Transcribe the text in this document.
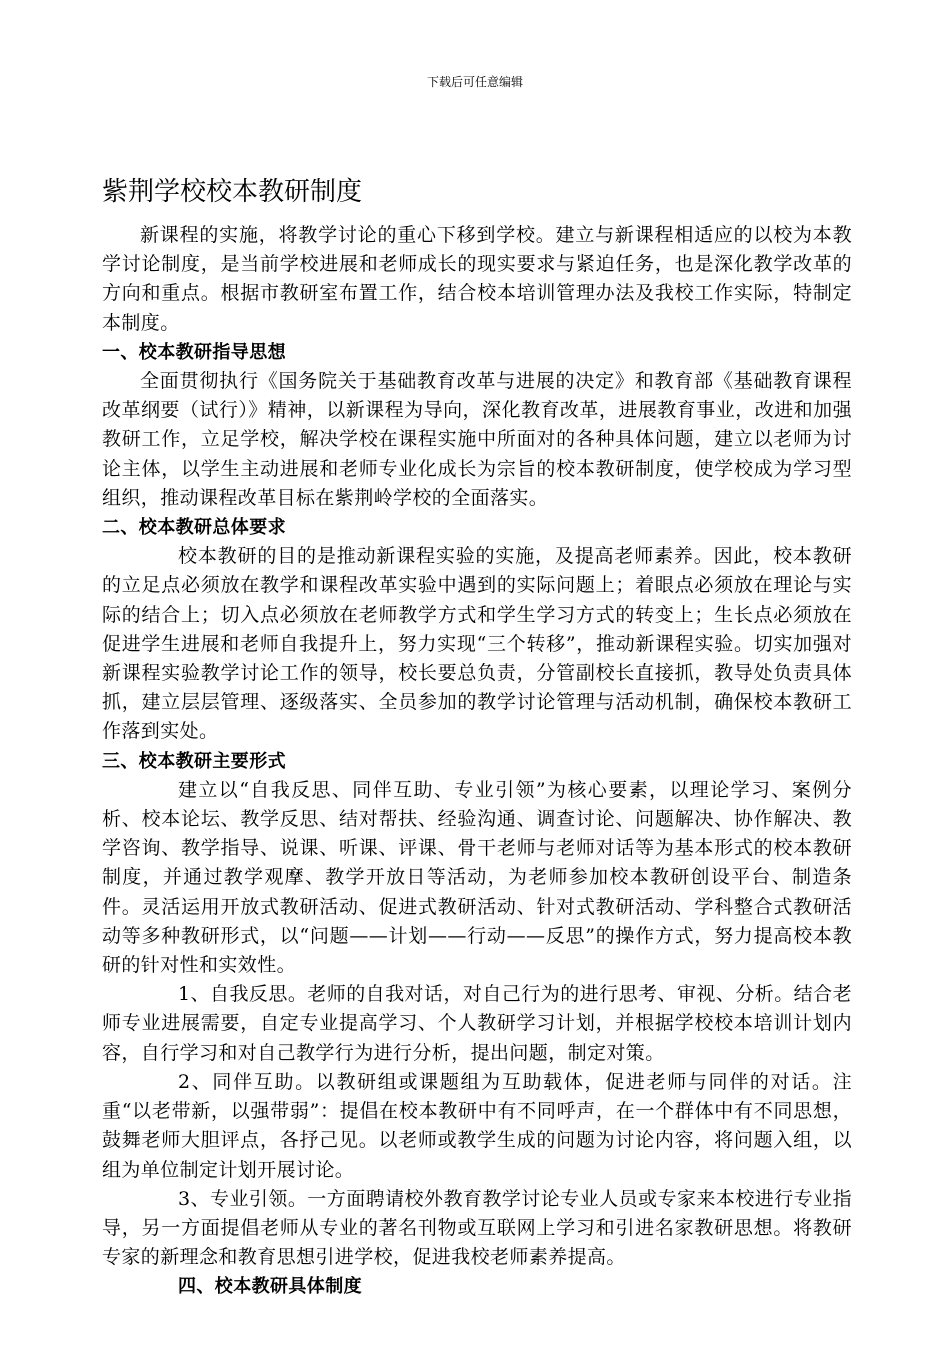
下载后可任意编辑
紫荆学校校本教研制度

新课程的实施，将教学讨论的重心下移到学校。建立与新课程相适应的以校为本教学讨论制度，是当前学校进展和老师成长的现实要求与紧迫任务，也是深化教学改革的方向和重点。根据市教研室布置工作，结合校本培训管理办法及我校工作实际，特制定本制度。

一、校本教研指导思想

全面贯彻执行《国务院关于基础教育改革与进展的决定》和教育部《基础教育课程改革纲要（试行）》精神，以新课程为导向，深化教育改革，进展教育事业，改进和加强教研工作，立足学校，解决学校在课程实施中所面对的各种具体问题，建立以老师为讨论主体，以学生主动进展和老师专业化成长为宗旨的校本教研制度，使学校成为学习型组织，推动课程改革目标在紫荆岭学校的全面落实。

二、校本教研总体要求

校本教研的目的是推动新课程实验的实施，及提高老师素养。因此，校本教研的立足点必须放在教学和课程改革实验中遇到的实际问题上；着眼点必须放在理论与实际的结合上；切入点必须放在老师教学方式和学生学习方式的转变上；生长点必须放在促进学生进展和老师自我提升上，努力实现“三个转移”，推动新课程实验。切实加强对新课程实验教学讨论工作的领导，校长要总负责，分管副校长直接抓，教导处负责具体抓，建立层层管理、逐级落实、全员参加的教学讨论管理与活动机制，确保校本教研工作落到实处。

三、校本教研主要形式

建立以“自我反思、同伴互助、专业引领”为核心要素，以理论学习、案例分析、校本论坛、教学反思、结对帮扶、经验沟通、调查讨论、问题解决、协作解决、教学咨询、教学指导、说课、听课、评课、骨干老师与老师对话等为基本形式的校本教研制度，并通过教学观摩、教学开放日等活动，为老师参加校本教研创设平台、制造条件。灵活运用开放式教研活动、促进式教研活动、针对式教研活动、学科整合式教研活动等多种教研形式，以“问题——计划——行动——反思”的操作方式，努力提高校本教研的针对性和实效性。

1、自我反思。老师的自我对话，对自己行为的进行思考、审视、分析。结合老师专业进展需要，自定专业提高学习、个人教研学习计划，并根据学校校本培训计划内容，自行学习和对自己教学行为进行分析，提出问题，制定对策。

2、同伴互助。以教研组或课题组为互助载体，促进老师与同伴的对话。注重“以老带新，以强带弱”：提倡在校本教研中有不同呼声，在一个群体中有不同思想，鼓舞老师大胆评点，各抒己见。以老师或教学生成的问题为讨论内容，将问题入组，以组为单位制定计划开展讨论。

3、专业引领。一方面聘请校外教育教学讨论专业人员或专家来本校进行专业指导，另一方面提倡老师从专业的著名刊物或互联网上学习和引进名家教研思想。将教研专家的新理念和教育思想引进学校，促进我校老师素养提高。

四、校本教研具体制度
